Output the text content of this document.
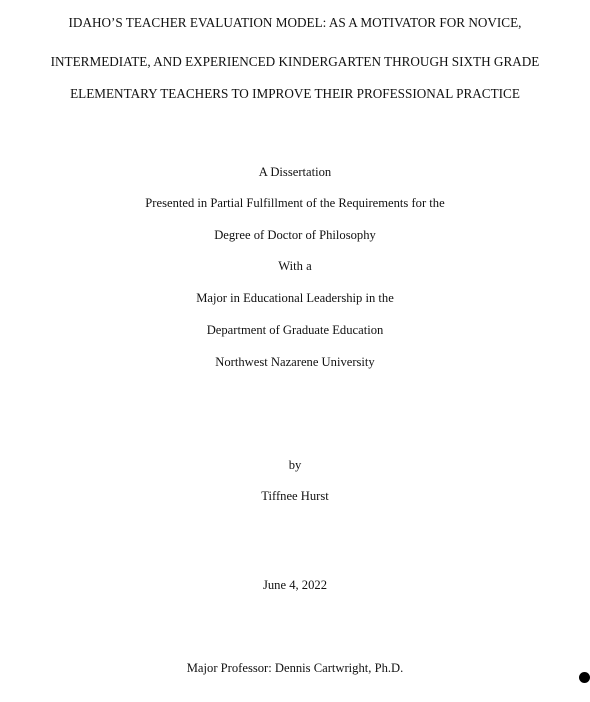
IDAHO’S TEACHER EVALUATION MODEL: AS A MOTIVATOR FOR NOVICE,
INTERMEDIATE, AND EXPERIENCED KINDERGARTEN THROUGH SIXTH GRADE
ELEMENTARY TEACHERS TO IMPROVE THEIR PROFESSIONAL PRACTICE
A Dissertation
Presented in Partial Fulfillment of the Requirements for the
Degree of Doctor of Philosophy
With a
Major in Educational Leadership in the
Department of Graduate Education
Northwest Nazarene University
by
Tiffnee Hurst
June 4, 2022
Major Professor: Dennis Cartwright, Ph.D.
